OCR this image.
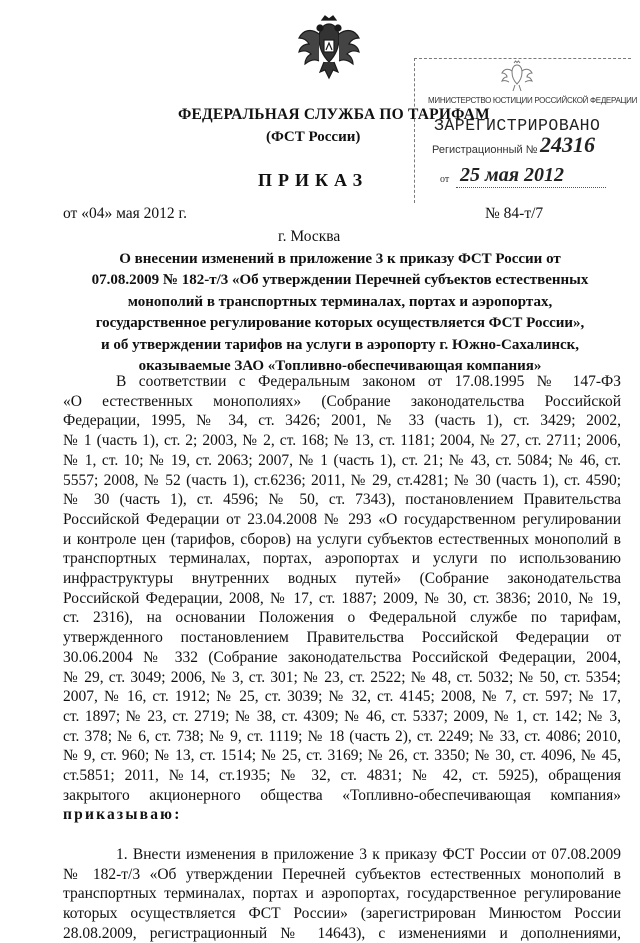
ФЕДЕРАЛЬНАЯ СЛУЖБА ПО ТАРИФАМ
(ФСТ России)
МИНИСТЕРСТВО ЮСТИЦИИ РОССИЙСКОЙ ФЕДЕРАЦИИ
ЗАРЕГИСТРИРОВАНО
Регистрационный № 24316
от 25 мая 2012
ПРИКАЗ
от «04» мая 2012 г.	№ 84-т/7
г. Москва
О внесении изменений в приложение 3 к приказу ФСТ России от
07.08.2009 № 182-т/3 «Об утверждении Перечней субъектов естественных
монополий в транспортных терминалах, портах и аэропортах,
государственное регулирование которых осуществляется ФСТ России»,
и об утверждении тарифов на услуги в аэропорту г. Южно-Сахалинск,
оказываемые ЗАО «Топливно-обеспечивающая компания»

В соответствии с Федеральным законом от 17.08.1995 № 147-ФЗ

«О естественных монополиях» (Собрание законодательства Российской

Федерации, 1995, № 34, ст. 3426; 2001, № 33 (часть 1), ст. 3429; 2002,

№ 1 (часть 1), ст. 2; 2003, № 2, ст. 168; № 13, ст. 1181; 2004, № 27, ст. 2711; 2006,

№ 1, ст. 10; № 19, ст. 2063; 2007, № 1 (часть 1), ст. 21; № 43, ст. 5084; № 46, ст.

5557; 2008, № 52 (часть 1), ст.6236; 2011, № 29, ст.4281; № 30 (часть 1), ст. 4590;

№ 30 (часть 1), ст. 4596; № 50, ст. 7343), постановлением Правительства

Российской Федерации от 23.04.2008 № 293 «О государственном регулировании

и контроле цен (тарифов, сборов) на услуги субъектов естественных монополий в

транспортных терминалах, портах, аэропортах и услуги по использованию

инфраструктуры внутренних водных путей» (Собрание законодательства

Российской Федерации, 2008, № 17, ст. 1887; 2009, № 30, ст. 3836; 2010, № 19,

ст. 2316), на основании Положения о Федеральной службе по тарифам,

утвержденного постановлением Правительства Российской Федерации от

30.06.2004 № 332 (Собрание законодательства Российской Федерации, 2004,

№ 29, ст. 3049; 2006, № 3, ст. 301; № 23, ст. 2522; № 48, ст. 5032; № 50, ст. 5354;

2007, № 16, ст. 1912; № 25, ст. 3039; № 32, ст. 4145; 2008, № 7, ст. 597; № 17,

ст. 1897; № 23, ст. 2719; № 38, ст. 4309; № 46, ст. 5337; 2009, № 1, ст. 142; № 3,

ст. 378; № 6, ст. 738; № 9, ст. 1119; № 18 (часть 2), ст. 2249; № 33, ст. 4086; 2010,

№ 9, ст. 960; № 13, ст. 1514; № 25, ст. 3169; № 26, ст. 3350; № 30, ст. 4096, № 45,

ст.5851; 2011, №14, ст.1935; № 32, ст. 4831; № 42, ст. 5925), обращения

закрытого акционерного общества «Топливно-обеспечивающая компания»

приказываю:

1. Внести изменения в приложение 3 к приказу ФСТ России от 07.08.2009

№ 182-т/3 «Об утверждении Перечней субъектов естественных монополий в

транспортных терминалах, портах и аэропортах, государственное регулирование

которых осуществляется ФСТ России» (зарегистрирован Минюстом России

28.08.2009, регистрационный № 14643), с изменениями и дополнениями,
